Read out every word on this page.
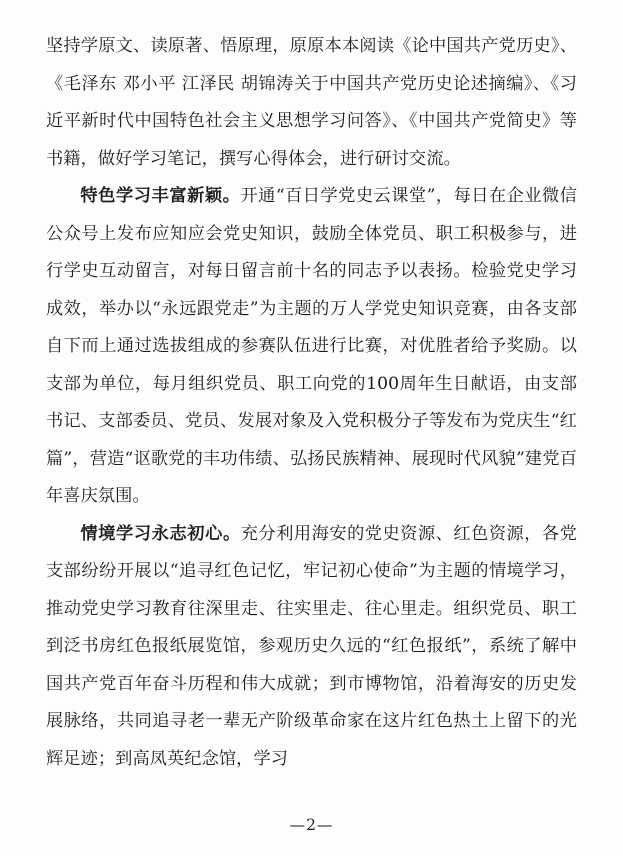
坚持学原文、读原著、悟原理，原原本本阅读《论中国共产党历史》、《毛泽东 邓小平 江泽民 胡锦涛关于中国共产党历史论述摘编》、《习近平新时代中国特色社会主义思想学习问答》、《中国共产党简史》等书籍，做好学习笔记，撰写心得体会，进行研讨交流。

特色学习丰富新颖。开通“百日学党史云课堂”，每日在企业微信公众号上发布应知应会党史知识，鼓励全体党员、职工积极参与，进行学史互动留言，对每日留言前十名的同志予以表扬。检验党史学习成效，举办以“永远跟党走”为主题的万人学党史知识竞赛，由各支部自下而上通过选拔组成的参赛队伍进行比赛，对优胜者给予奖励。以支部为单位，每月组织党员、职工向党的100周年生日献语，由支部书记、支部委员、党员、发展对象及入党积极分子等发布为党庆生“红篇”，营造“讴歌党的丰功伟绩、弘扬民族精神、展现时代风貌”建党百年喜庆氛围。

情境学习永志初心。充分利用海安的党史资源、红色资源，各党支部纷纷开展以“追寻红色记忆，牢记初心使命”为主题的情境学习，推动党史学习教育往深里走、往实里走、往心里走。组织党员、职工到泛书房红色报纸展览馆，参观历史久远的“红色报纸”，系统了解中国共产党百年奋斗历程和伟大成就；到市博物馆，沿着海安的历史发展脉络，共同追寻老一辈无产阶级革命家在这片红色热土上留下的光辉足迹；到高凤英纪念馆，学习

—2—
